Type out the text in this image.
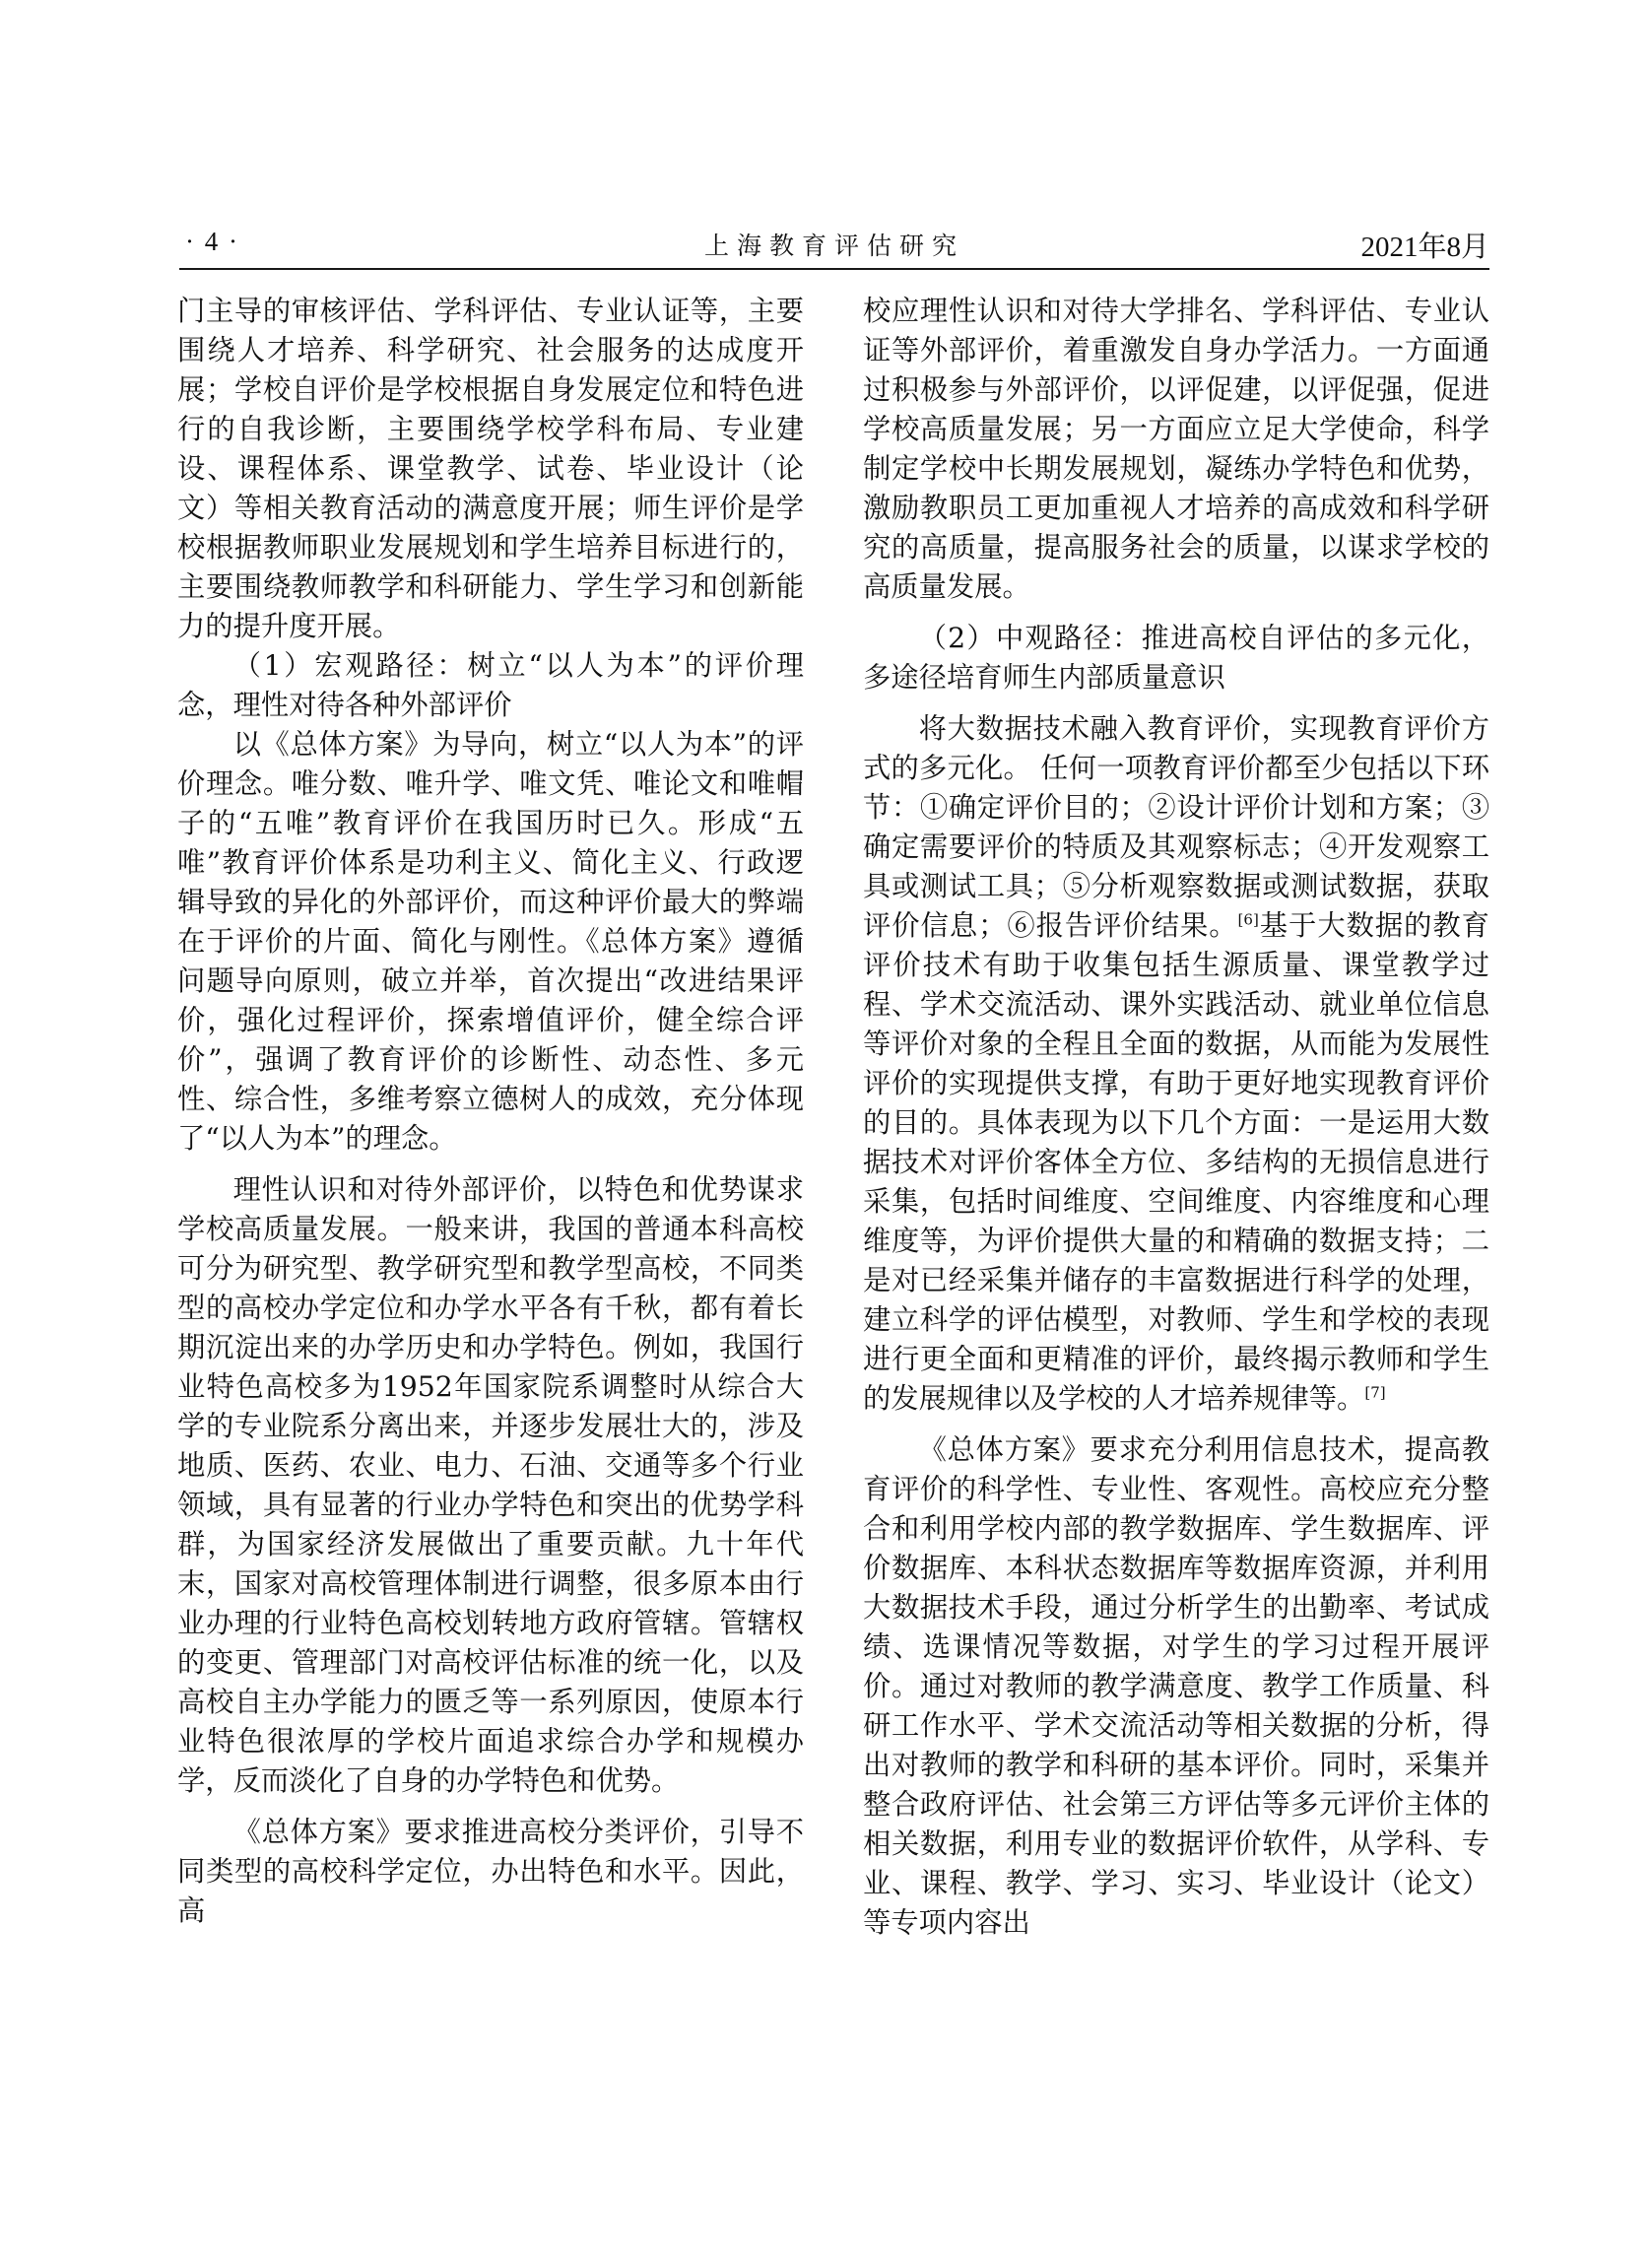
· 4 ·	上海教育评估研究	2021年8月

门主导的审核评估、学科评估、专业认证等，主要围绕人才培养、科学研究、社会服务的达成度开展；学校自评价是学校根据自身发展定位和特色进行的自我诊断，主要围绕学校学科布局、专业建设、课程体系、课堂教学、试卷、毕业设计（论文）等相关教育活动的满意度开展；师生评价是学校根据教师职业发展规划和学生培养目标进行的，主要围绕教师教学和科研能力、学生学习和创新能力的提升度开展。

（1）宏观路径：树立“以人为本”的评价理念，理性对待各种外部评价

以《总体方案》为导向，树立“以人为本”的评价理念。唯分数、唯升学、唯文凭、唯论文和唯帽子的“五唯”教育评价在我国历时已久。形成“五唯”教育评价体系是功利主义、简化主义、行政逻辑导致的异化的外部评价，而这种评价最大的弊端在于评价的片面、简化与刚性。《总体方案》遵循问题导向原则，破立并举，首次提出“改进结果评价，强化过程评价，探索增值评价，健全综合评价”，强调了教育评价的诊断性、动态性、多元性、综合性，多维考察立德树人的成效，充分体现了“以人为本”的理念。

理性认识和对待外部评价，以特色和优势谋求学校高质量发展。一般来讲，我国的普通本科高校可分为研究型、教学研究型和教学型高校，不同类型的高校办学定位和办学水平各有千秋，都有着长期沉淀出来的办学历史和办学特色。例如，我国行业特色高校多为1952年国家院系调整时从综合大学的专业院系分离出来，并逐步发展壮大的，涉及地质、医药、农业、电力、石油、交通等多个行业领域，具有显著的行业办学特色和突出的优势学科群，为国家经济发展做出了重要贡献。九十年代末，国家对高校管理体制进行调整，很多原本由行业办理的行业特色高校划转地方政府管辖。管辖权的变更、管理部门对高校评估标准的统一化，以及高校自主办学能力的匮乏等一系列原因，使原本行业特色很浓厚的学校片面追求综合办学和规模办学，反而淡化了自身的办学特色和优势。

《总体方案》要求推进高校分类评价，引导不同类型的高校科学定位，办出特色和水平。因此，高

校应理性认识和对待大学排名、学科评估、专业认证等外部评价，着重激发自身办学活力。一方面通过积极参与外部评价，以评促建，以评促强，促进学校高质量发展；另一方面应立足大学使命，科学制定学校中长期发展规划，凝练办学特色和优势，激励教职员工更加重视人才培养的高成效和科学研究的高质量，提高服务社会的质量，以谋求学校的高质量发展。

（2）中观路径：推进高校自评估的多元化，多途径培育师生内部质量意识

将大数据技术融入教育评价，实现教育评价方式的多元化。 任何一项教育评价都至少包括以下环节：①确定评价目的；②设计评价计划和方案；③确定需要评价的特质及其观察标志；④开发观察工具或测试工具；⑤分析观察数据或测试数据，获取评价信息；⑥报告评价结果。[6]基于大数据的教育评价技术有助于收集包括生源质量、课堂教学过程、学术交流活动、课外实践活动、就业单位信息等评价对象的全程且全面的数据，从而能为发展性评价的实现提供支撑，有助于更好地实现教育评价的目的。具体表现为以下几个方面：一是运用大数据技术对评价客体全方位、多结构的无损信息进行采集，包括时间维度、空间维度、内容维度和心理维度等，为评价提供大量的和精确的数据支持；二是对已经采集并储存的丰富数据进行科学的处理，建立科学的评估模型，对教师、学生和学校的表现进行更全面和更精准的评价，最终揭示教师和学生的发展规律以及学校的人才培养规律等。[7]

《总体方案》要求充分利用信息技术，提高教育评价的科学性、专业性、客观性。高校应充分整合和利用学校内部的教学数据库、学生数据库、评价数据库、本科状态数据库等数据库资源，并利用大数据技术手段，通过分析学生的出勤率、考试成绩、选课情况等数据，对学生的学习过程开展评价。通过对教师的教学满意度、教学工作质量、科研工作水平、学术交流活动等相关数据的分析，得出对教师的教学和科研的基本评价。同时，采集并整合政府评估、社会第三方评估等多元评价主体的相关数据，利用专业的数据评价软件，从学科、专业、课程、教学、学习、实习、毕业设计（论文）等专项内容出
